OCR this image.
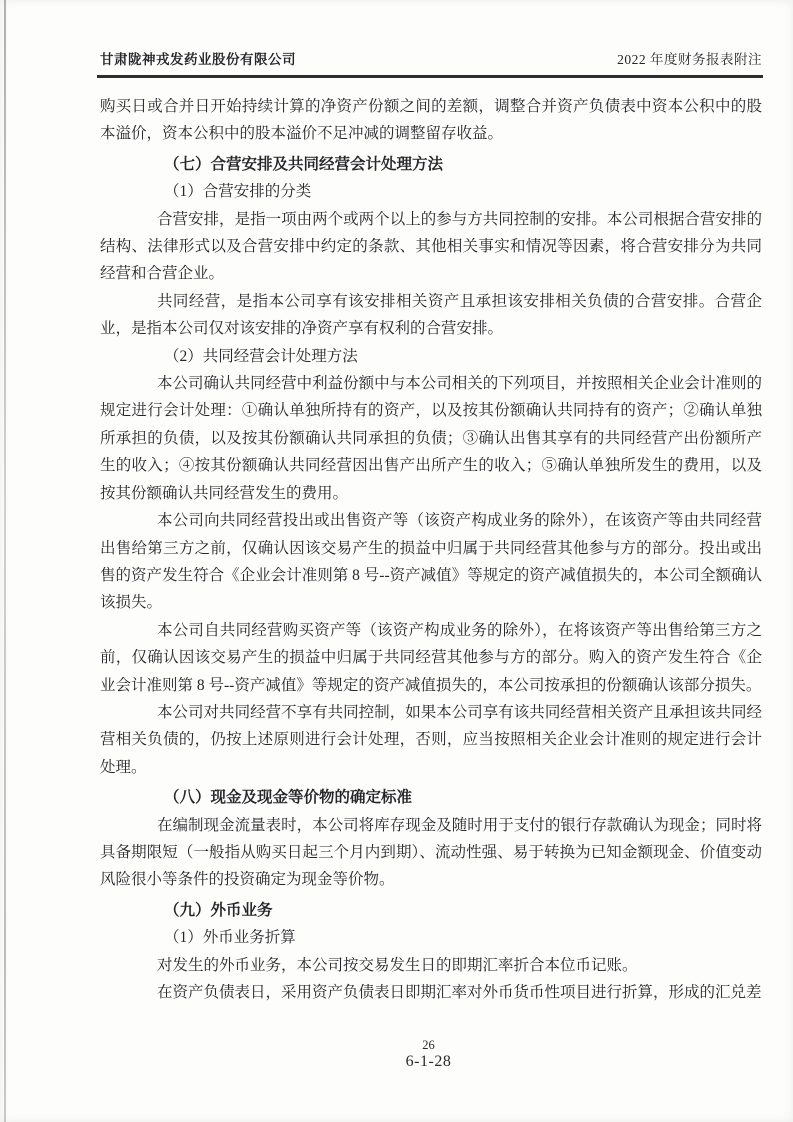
甘肃陇神戎发药业股份有限公司	2022 年度财务报表附注

购买日或合并日开始持续计算的净资产份额之间的差额，调整合并资产负债表中资本公积中的股本溢价，资本公积中的股本溢价不足冲减的调整留存收益。

（七）合营安排及共同经营会计处理方法

（1）合营安排的分类

合营安排，是指一项由两个或两个以上的参与方共同控制的安排。本公司根据合营安排的结构、法律形式以及合营安排中约定的条款、其他相关事实和情况等因素，将合营安排分为共同经营和合营企业。

共同经营，是指本公司享有该安排相关资产且承担该安排相关负债的合营安排。合营企业，是指本公司仅对该安排的净资产享有权利的合营安排。

（2）共同经营会计处理方法

本公司确认共同经营中利益份额中与本公司相关的下列项目，并按照相关企业会计准则的规定进行会计处理：①确认单独所持有的资产，以及按其份额确认共同持有的资产；②确认单独所承担的负债，以及按其份额确认共同承担的负债；③确认出售其享有的共同经营产出份额所产生的收入；④按其份额确认共同经营因出售产出所产生的收入；⑤确认单独所发生的费用，以及按其份额确认共同经营发生的费用。

本公司向共同经营投出或出售资产等（该资产构成业务的除外），在该资产等由共同经营出售给第三方之前，仅确认因该交易产生的损益中归属于共同经营其他参与方的部分。投出或出售的资产发生符合《企业会计准则第 8 号--资产减值》等规定的资产减值损失的，本公司全额确认该损失。

本公司自共同经营购买资产等（该资产构成业务的除外），在将该资产等出售给第三方之前，仅确认因该交易产生的损益中归属于共同经营其他参与方的部分。购入的资产发生符合《企业会计准则第 8 号--资产减值》等规定的资产减值损失的，本公司按承担的份额确认该部分损失。

本公司对共同经营不享有共同控制，如果本公司享有该共同经营相关资产且承担该共同经营相关负债的，仍按上述原则进行会计处理，否则，应当按照相关企业会计准则的规定进行会计处理。

（八）现金及现金等价物的确定标准

在编制现金流量表时，本公司将库存现金及随时用于支付的银行存款确认为现金；同时将具备期限短（一般指从购买日起三个月内到期）、流动性强、易于转换为已知金额现金、价值变动风险很小等条件的投资确定为现金等价物。

（九）外币业务

（1）外币业务折算

对发生的外币业务，本公司按交易发生日的即期汇率折合本位币记账。

在资产负债表日，采用资产负债表日即期汇率对外币货币性项目进行折算，形成的汇兑差

26
6-1-28
